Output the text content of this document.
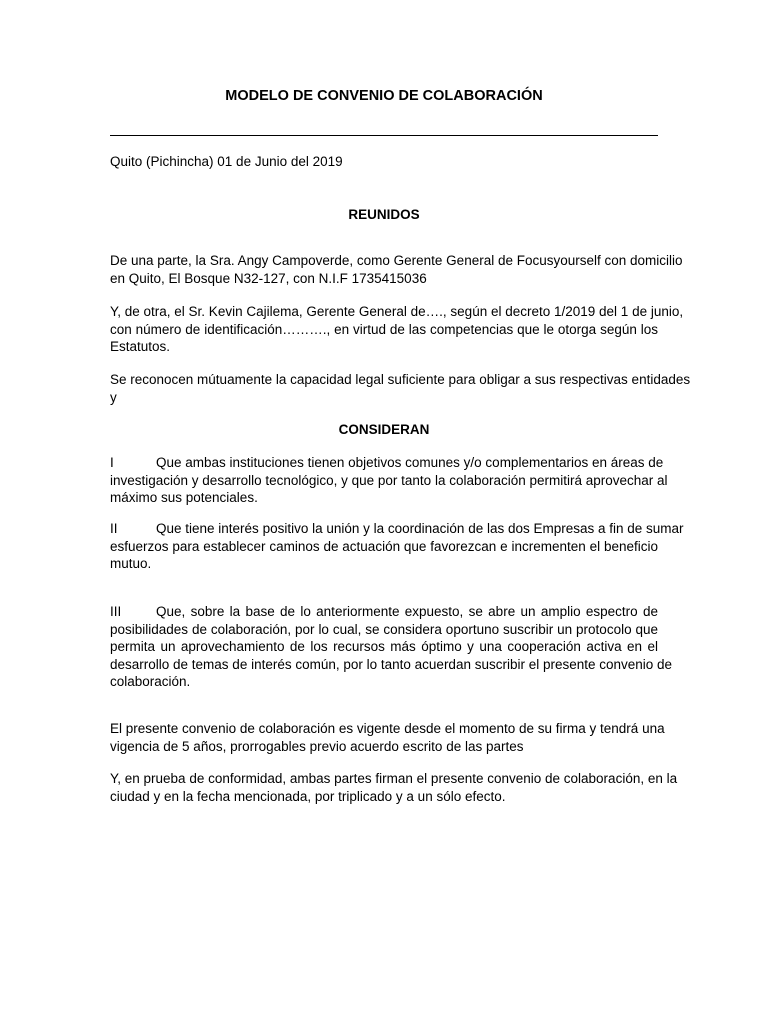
MODELO DE CONVENIO DE COLABORACIÓN
Quito (Pichincha) 01 de Junio del 2019
REUNIDOS
De una parte, la Sra. Angy Campoverde, como Gerente General de Focusyourself con domicilio
en Quito, El Bosque N32-127, con N.I.F 1735415036
Y, de otra, el Sr. Kevin Cajilema, Gerente General de…., según el decreto 1/2019 del 1 de junio,
con número de identificación………., en virtud de las competencias que le otorga según los
Estatutos.
Se reconocen mútuamente la capacidad legal suficiente para obligar a sus respectivas entidades
y
CONSIDERAN
I	Que ambas instituciones tienen objetivos comunes y/o complementarios en áreas de
investigación y desarrollo tecnológico, y que por tanto la colaboración permitirá aprovechar al
máximo sus potenciales.
II	Que tiene interés positivo la unión y la coordinación de las dos Empresas a fin de sumar
esfuerzos para establecer caminos de actuación que favorezcan e incrementen el beneficio
mutuo.
III	Que, sobre la base de lo anteriormente expuesto, se abre un amplio espectro de
posibilidades de colaboración, por lo cual, se considera oportuno suscribir un protocolo que
permita un aprovechamiento de los recursos más óptimo y una cooperación activa en el
desarrollo de temas de interés común, por lo tanto acuerdan suscribir el presente convenio de
colaboración.
El presente convenio de colaboración es vigente desde el momento de su firma y tendrá una
vigencia de 5 años, prorrogables previo acuerdo escrito de las partes
Y, en prueba de conformidad, ambas partes firman el presente convenio de colaboración, en la
ciudad y en la fecha mencionada, por triplicado y a un sólo efecto.
